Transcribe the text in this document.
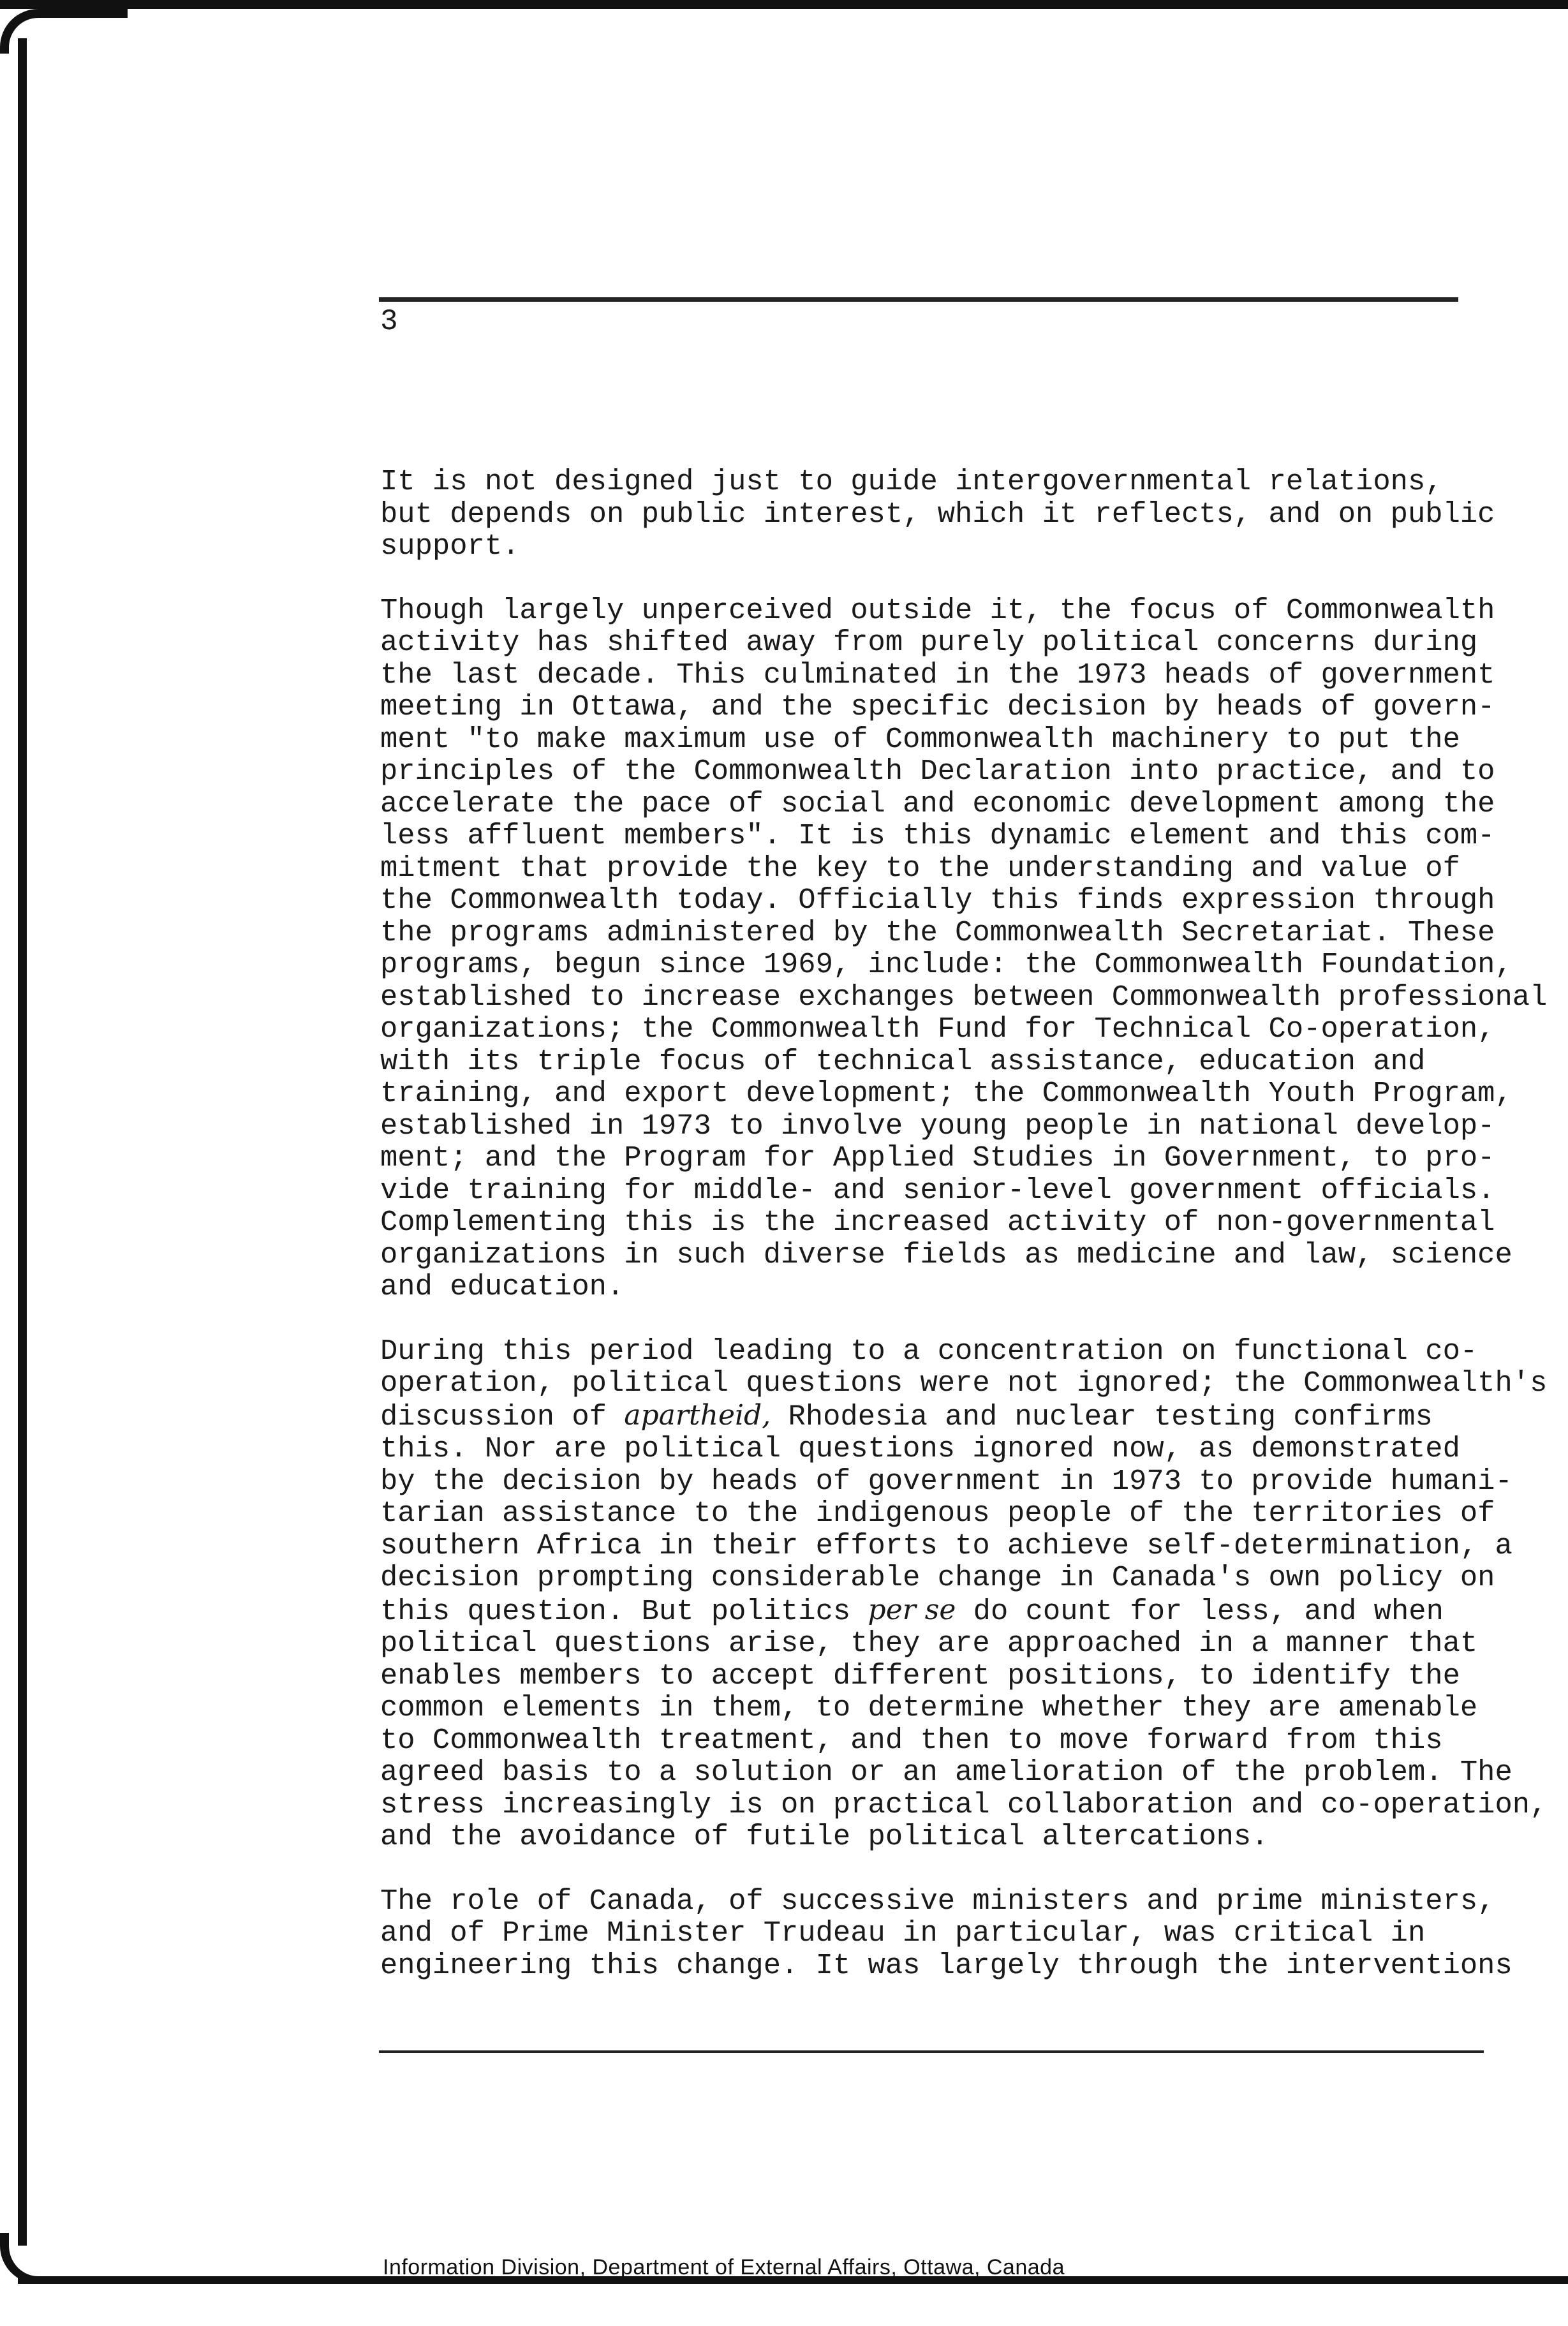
3

It is not designed just to guide intergovernmental relations,
but depends on public interest, which it reflects, and on public
support.

Though largely unperceived outside it, the focus of Commonwealth
activity has shifted away from purely political concerns during
the last decade. This culminated in the 1973 heads of government
meeting in Ottawa, and the specific decision by heads of govern-
ment "to make maximum use of Commonwealth machinery to put the
principles of the Commonwealth Declaration into practice, and to
accelerate the pace of social and economic development among the
less affluent members". It is this dynamic element and this com-
mitment that provide the key to the understanding and value of
the Commonwealth today. Officially this finds expression through
the programs administered by the Commonwealth Secretariat. These
programs, begun since 1969, include: the Commonwealth Foundation,
established to increase exchanges between Commonwealth professional
organizations; the Commonwealth Fund for Technical Co-operation,
with its triple focus of technical assistance, education and
training, and export development; the Commonwealth Youth Program,
established in 1973 to involve young people in national develop-
ment; and the Program for Applied Studies in Government, to pro-
vide training for middle- and senior-level government officials.
Complementing this is the increased activity of non-governmental
organizations in such diverse fields as medicine and law, science
and education.

During this period leading to a concentration on functional co-
operation, political questions were not ignored; the Commonwealth's
discussion of apartheid, Rhodesia and nuclear testing confirms
this. Nor are political questions ignored now, as demonstrated
by the decision by heads of government in 1973 to provide humani-
tarian assistance to the indigenous people of the territories of
southern Africa in their efforts to achieve self-determination, a
decision prompting considerable change in Canada's own policy on
this question. But politics per se do count for less, and when
political questions arise, they are approached in a manner that
enables members to accept different positions, to identify the
common elements in them, to determine whether they are amenable
to Commonwealth treatment, and then to move forward from this
agreed basis to a solution or an amelioration of the problem. The
stress increasingly is on practical collaboration and co-operation,
and the avoidance of futile political altercations.

The role of Canada, of successive ministers and prime ministers,
and of Prime Minister Trudeau in particular, was critical in
engineering this change. It was largely through the interventions

Information Division, Department of External Affairs, Ottawa, Canada
